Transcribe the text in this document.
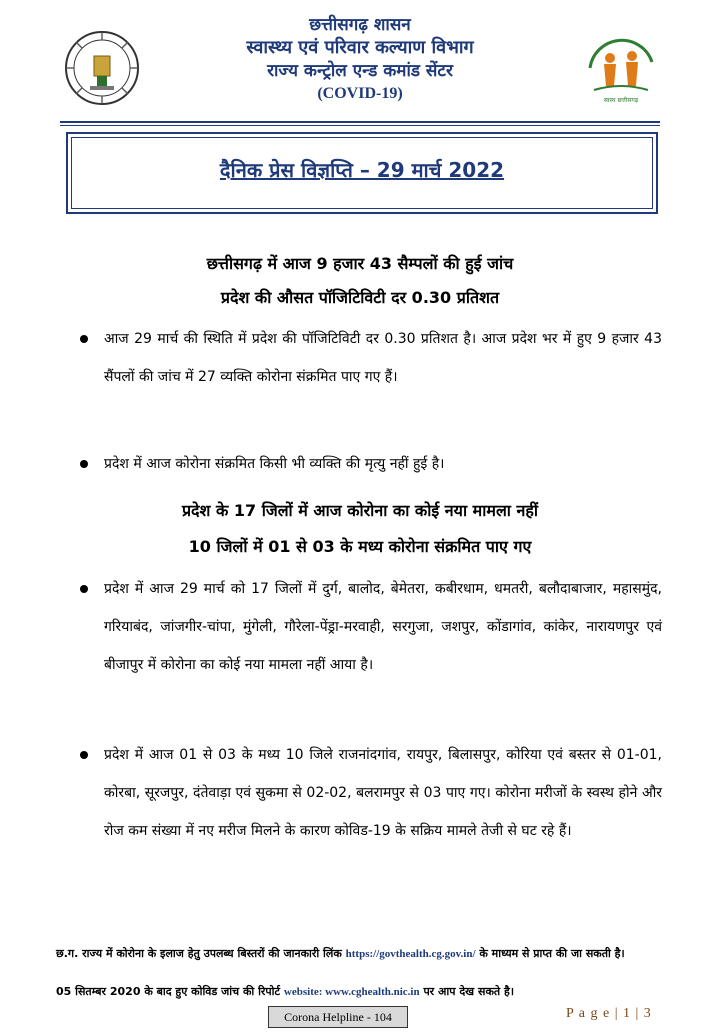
स्वस्थ छत्तीसगढ़
छत्तीसगढ़ शासन
स्वास्थ्य एवं परिवार कल्याण विभाग
राज्य कन्ट्रोल एन्ड कमांड सेंटर
(COVID-19)
दैनिक प्रेस विज्ञप्ति – 29 मार्च 2022
छत्तीसगढ़ में आज 9 हजार 43 सैम्पलों की हुई जांच
प्रदेश की औसत पॉजिटिविटी दर 0.30 प्रतिशत
आज 29 मार्च की स्थिति में प्रदेश की पॉजिटिविटी दर 0.30 प्रतिशत है। आज प्रदेश भर में हुए 9 हजार 43 सैंपलों की जांच में 27 व्यक्ति कोरोना संक्रमित पाए गए हैं।
प्रदेश में आज कोरोना संक्रमित किसी भी व्यक्ति की मृत्यु नहीं हुई है।
प्रदेश के 17 जिलों में आज कोरोना का कोई नया मामला नहीं
10 जिलों में 01 से 03 के मध्य कोरोना संक्रमित पाए गए
प्रदेश में आज 29 मार्च को 17 जिलों में दुर्ग, बालोद, बेमेतरा, कबीरधाम, धमतरी, बलौदाबाजार, महासमुंद, गरियाबंद, जांजगीर-चांपा, मुंगेली, गौरेला-पेंड्रा-मरवाही, सरगुजा, जशपुर, कोंडागांव, कांकेर, नारायणपुर एवं बीजापुर में कोरोना का कोई नया मामला नहीं आया है।
प्रदेश में आज 01 से 03 के मध्य 10 जिले राजनांदगांव, रायपुर, बिलासपुर, कोरिया एवं बस्तर से 01-01, कोरबा, सूरजपुर, दंतेवाड़ा एवं सुकमा से 02-02, बलरामपुर से 03 पाए गए। कोरोना मरीजों के स्वस्थ होने और रोज कम संख्या में नए मरीज मिलने के कारण कोविड-19 के सक्रिय मामले तेजी से घट रहे हैं।
छ.ग. राज्य में कोरोना के इलाज हेतु उपलब्ध बिस्तरों की जानकारी लिंक https://govthealth.cg.gov.in/ के माध्यम से प्राप्त की जा सकती है।
05 सितम्बर 2020 के बाद हुए कोविड जांच की रिपोर्ट website: www.cghealth.nic.in पर आप देख सकते है।
Corona Helpline - 104	P a g e | 1 | 3
